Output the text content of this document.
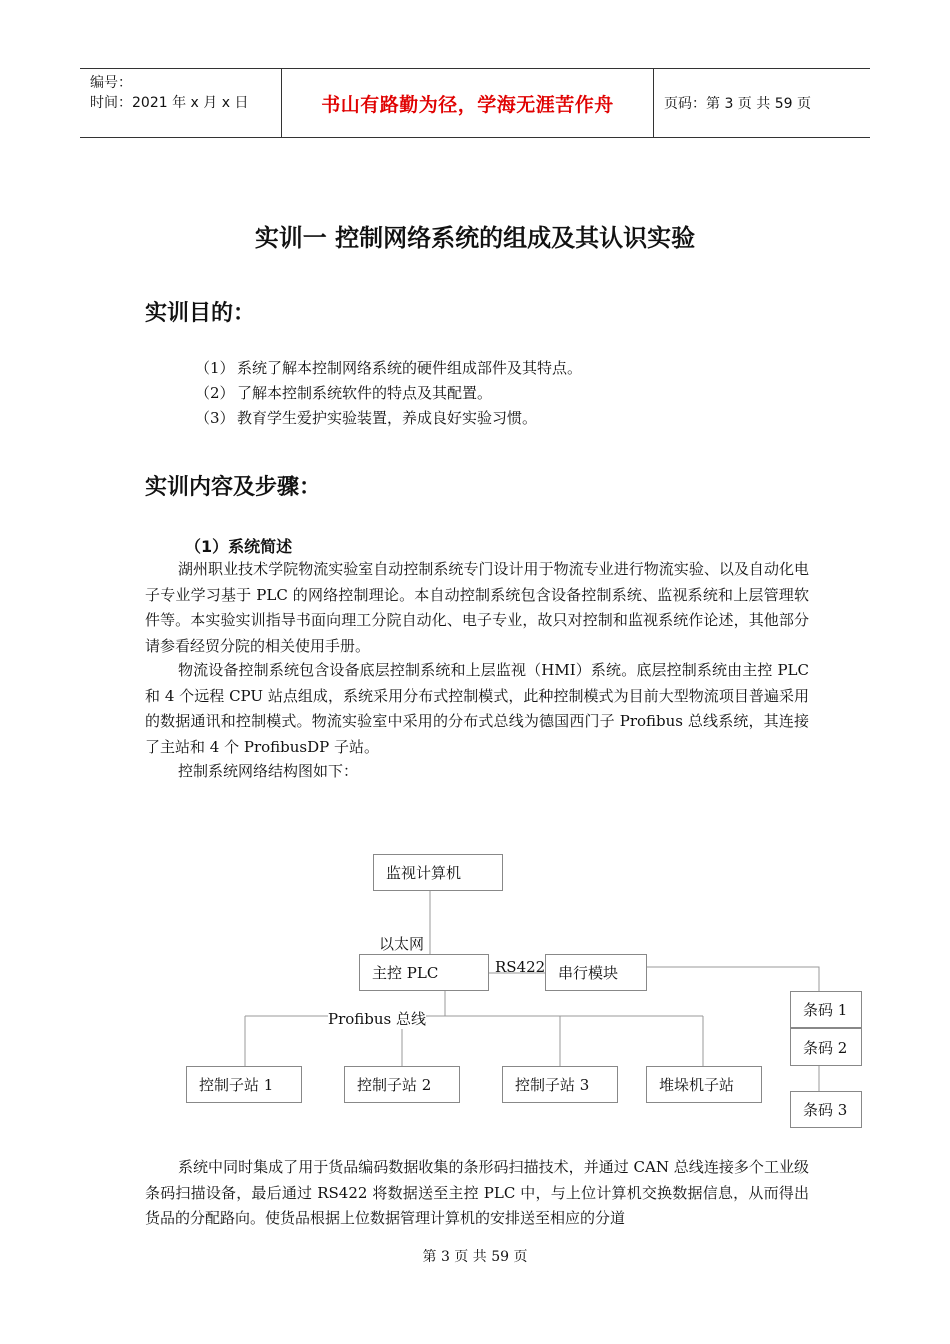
编号：
时间：2021 年 x 月 x 日	书山有路勤为径，学海无涯苦作舟	页码：第 3 页 共 59 页
实训一 控制网络系统的组成及其认识实验
实训目的：
（1） 系统了解本控制网络系统的硬件组成部件及其特点。
（2） 了解本控制系统软件的特点及其配置。
（3） 教育学生爱护实验装置，养成良好实验习惯。
实训内容及步骤：
（1）系统简述
湖州职业技术学院物流实验室自动控制系统专门设计用于物流专业进行物流实验、以及自动化电子专业学习基于 PLC 的网络控制理论。本自动控制系统包含设备控制系统、监视系统和上层管理软件等。本实验实训指导书面向理工分院自动化、电子专业，故只对控制和监视系统作论述，其他部分请参看经贸分院的相关使用手册。
物流设备控制系统包含设备底层控制系统和上层监视（HMI）系统。底层控制系统由主控 PLC 和 4 个远程 CPU 站点组成，系统采用分布式控制模式，此种控制模式为目前大型物流项目普遍采用的数据通讯和控制模式。物流实验室中采用的分布式总线为德国西门子 Profibus 总线系统，其连接了主站和 4 个 ProfibusDP 子站。
控制系统网络结构图如下：
监视计算机
以太网
主控 PLC	RS422 串行模块
Profibus 总线
控制子站 1	控制子站 2	控制子站 3	堆垛机子站
条码 1
条码 2
条码 3
系统中同时集成了用于货品编码数据收集的条形码扫描技术，并通过 CAN 总线连接多个工业级条码扫描设备，最后通过 RS422 将数据送至主控 PLC 中，与上位计算机交换数据信息，从而得出货品的分配路向。使货品根据上位数据管理计算机的安排送至相应的分道
第 3 页 共 59 页
